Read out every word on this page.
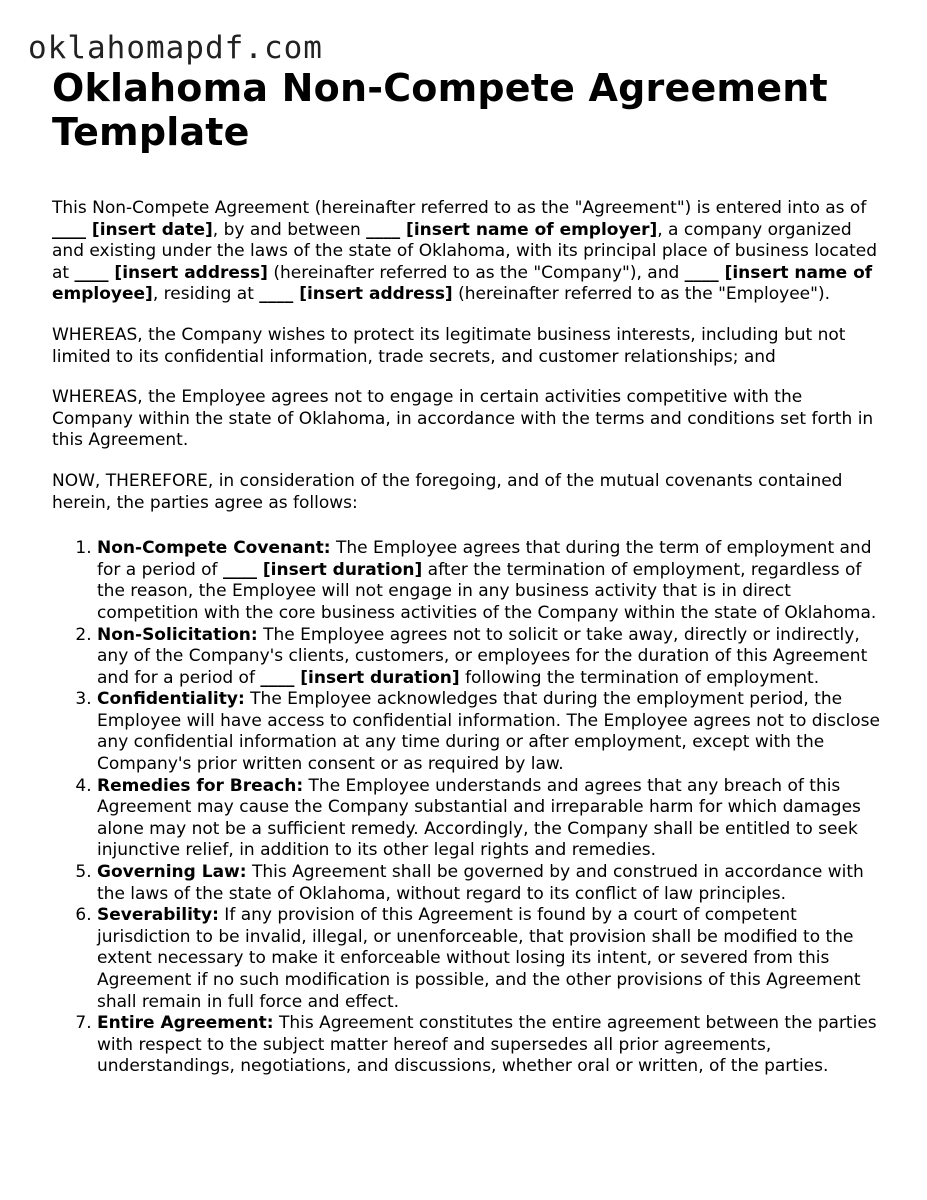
oklahomapdf.com
Oklahoma Non-Compete Agreement Template

This Non-Compete Agreement (hereinafter referred to as the "Agreement") is entered into as of ____ [insert date], by and between ____ [insert name of employer], a company organized and existing under the laws of the state of Oklahoma, with its principal place of business located at ____ [insert address] (hereinafter referred to as the "Company"), and ____ [insert name of employee], residing at ____ [insert address] (hereinafter referred to as the "Employee").

WHEREAS, the Company wishes to protect its legitimate business interests, including but not limited to its confidential information, trade secrets, and customer relationships; and

WHEREAS, the Employee agrees not to engage in certain activities competitive with the Company within the state of Oklahoma, in accordance with the terms and conditions set forth in this Agreement.

NOW, THEREFORE, in consideration of the foregoing, and of the mutual covenants contained herein, the parties agree as follows:

1. Non-Compete Covenant: The Employee agrees that during the term of employment and for a period of ____ [insert duration] after the termination of employment, regardless of the reason, the Employee will not engage in any business activity that is in direct competition with the core business activities of the Company within the state of Oklahoma.
2. Non-Solicitation: The Employee agrees not to solicit or take away, directly or indirectly, any of the Company's clients, customers, or employees for the duration of this Agreement and for a period of ____ [insert duration] following the termination of employment.
3. Confidentiality: The Employee acknowledges that during the employment period, the Employee will have access to confidential information. The Employee agrees not to disclose any confidential information at any time during or after employment, except with the Company's prior written consent or as required by law.
4. Remedies for Breach: The Employee understands and agrees that any breach of this Agreement may cause the Company substantial and irreparable harm for which damages alone may not be a sufficient remedy. Accordingly, the Company shall be entitled to seek injunctive relief, in addition to its other legal rights and remedies.
5. Governing Law: This Agreement shall be governed by and construed in accordance with the laws of the state of Oklahoma, without regard to its conflict of law principles.
6. Severability: If any provision of this Agreement is found by a court of competent jurisdiction to be invalid, illegal, or unenforceable, that provision shall be modified to the extent necessary to make it enforceable without losing its intent, or severed from this Agreement if no such modification is possible, and the other provisions of this Agreement shall remain in full force and effect.
7. Entire Agreement: This Agreement constitutes the entire agreement between the parties with respect to the subject matter hereof and supersedes all prior agreements, understandings, negotiations, and discussions, whether oral or written, of the parties.
